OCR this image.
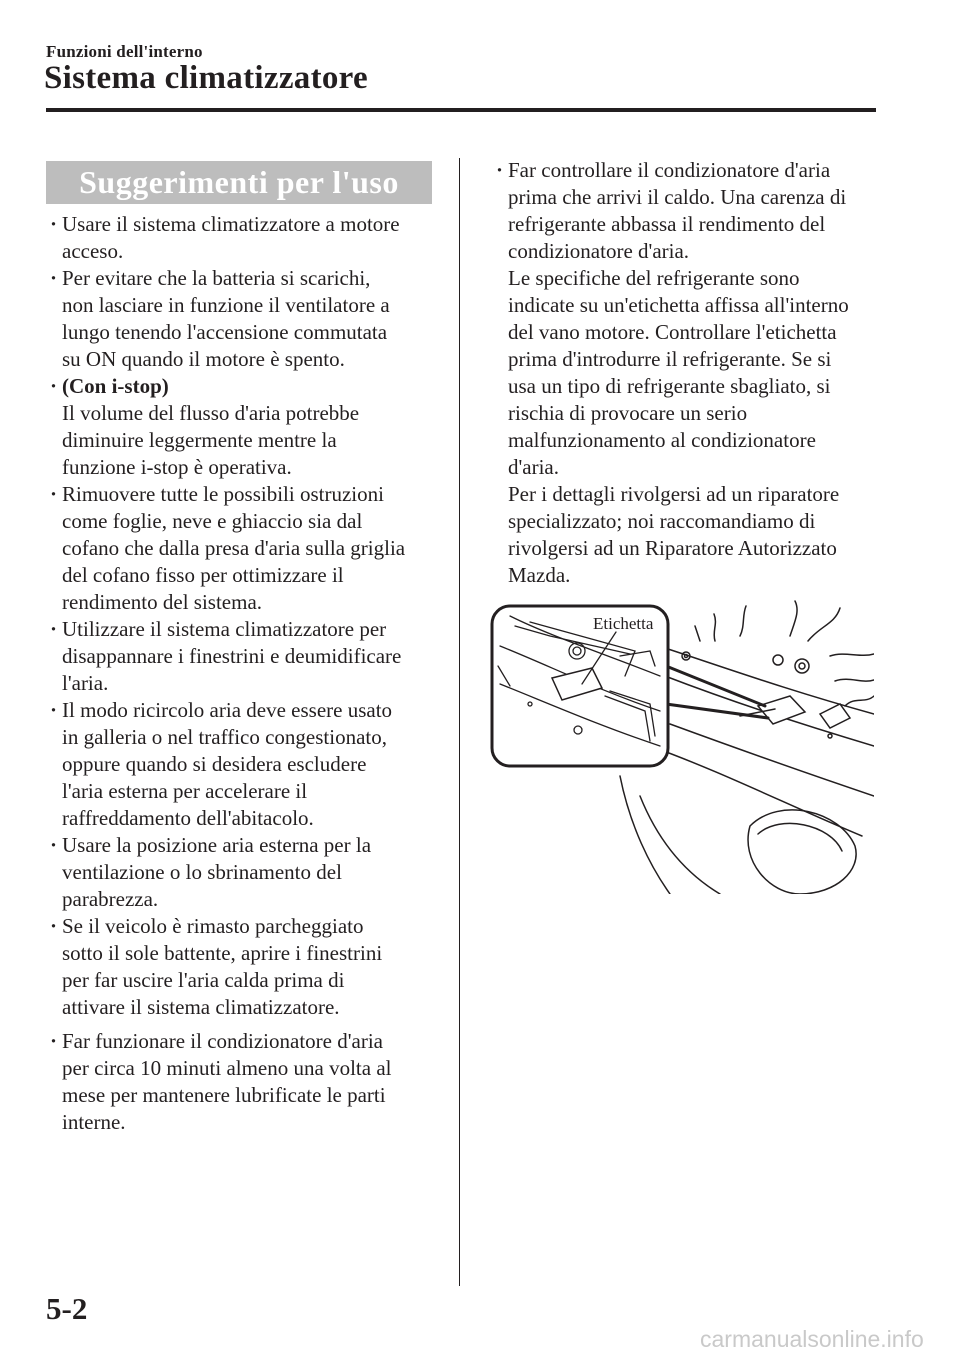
Funzioni dell'interno
Sistema climatizzatore
Suggerimenti per l'uso
· Usare il sistema climatizzatore a motore
acceso.
· Per evitare che la batteria si scarichi,
non lasciare in funzione il ventilatore a
lungo tenendo l'accensione commutata
su ON quando il motore è spento.
· (Con i-stop)
Il volume del flusso d'aria potrebbe
diminuire leggermente mentre la
funzione i-stop è operativa.
· Rimuovere tutte le possibili ostruzioni
come foglie, neve e ghiaccio sia dal
cofano che dalla presa d'aria sulla griglia
del cofano fisso per ottimizzare il
rendimento del sistema.
· Utilizzare il sistema climatizzatore per
disappannare i finestrini e deumidificare
l'aria.
· Il modo ricircolo aria deve essere usato
in galleria o nel traffico congestionato,
oppure quando si desidera escludere
l'aria esterna per accelerare il
raffreddamento dell'abitacolo.
· Usare la posizione aria esterna per la
ventilazione o lo sbrinamento del
parabrezza.
· Se il veicolo è rimasto parcheggiato
sotto il sole battente, aprire i finestrini
per far uscire l'aria calda prima di
attivare il sistema climatizzatore.
· Far funzionare il condizionatore d'aria
per circa 10 minuti almeno una volta al
mese per mantenere lubrificate le parti
interne.
· Far controllare il condizionatore d'aria
prima che arrivi il caldo. Una carenza di
refrigerante abbassa il rendimento del
condizionatore d'aria.
Le specifiche del refrigerante sono
indicate su un'etichetta affissa all'interno
del vano motore. Controllare l'etichetta
prima d'introdurre il refrigerante. Se si
usa un tipo di refrigerante sbagliato, si
rischia di provocare un serio
malfunzionamento al condizionatore
d'aria.
Per i dettagli rivolgersi ad un riparatore
specializzato; noi raccomandiamo di
rivolgersi ad un Riparatore Autorizzato
Mazda.
Etichetta
5-2
carmanualsonline.info
